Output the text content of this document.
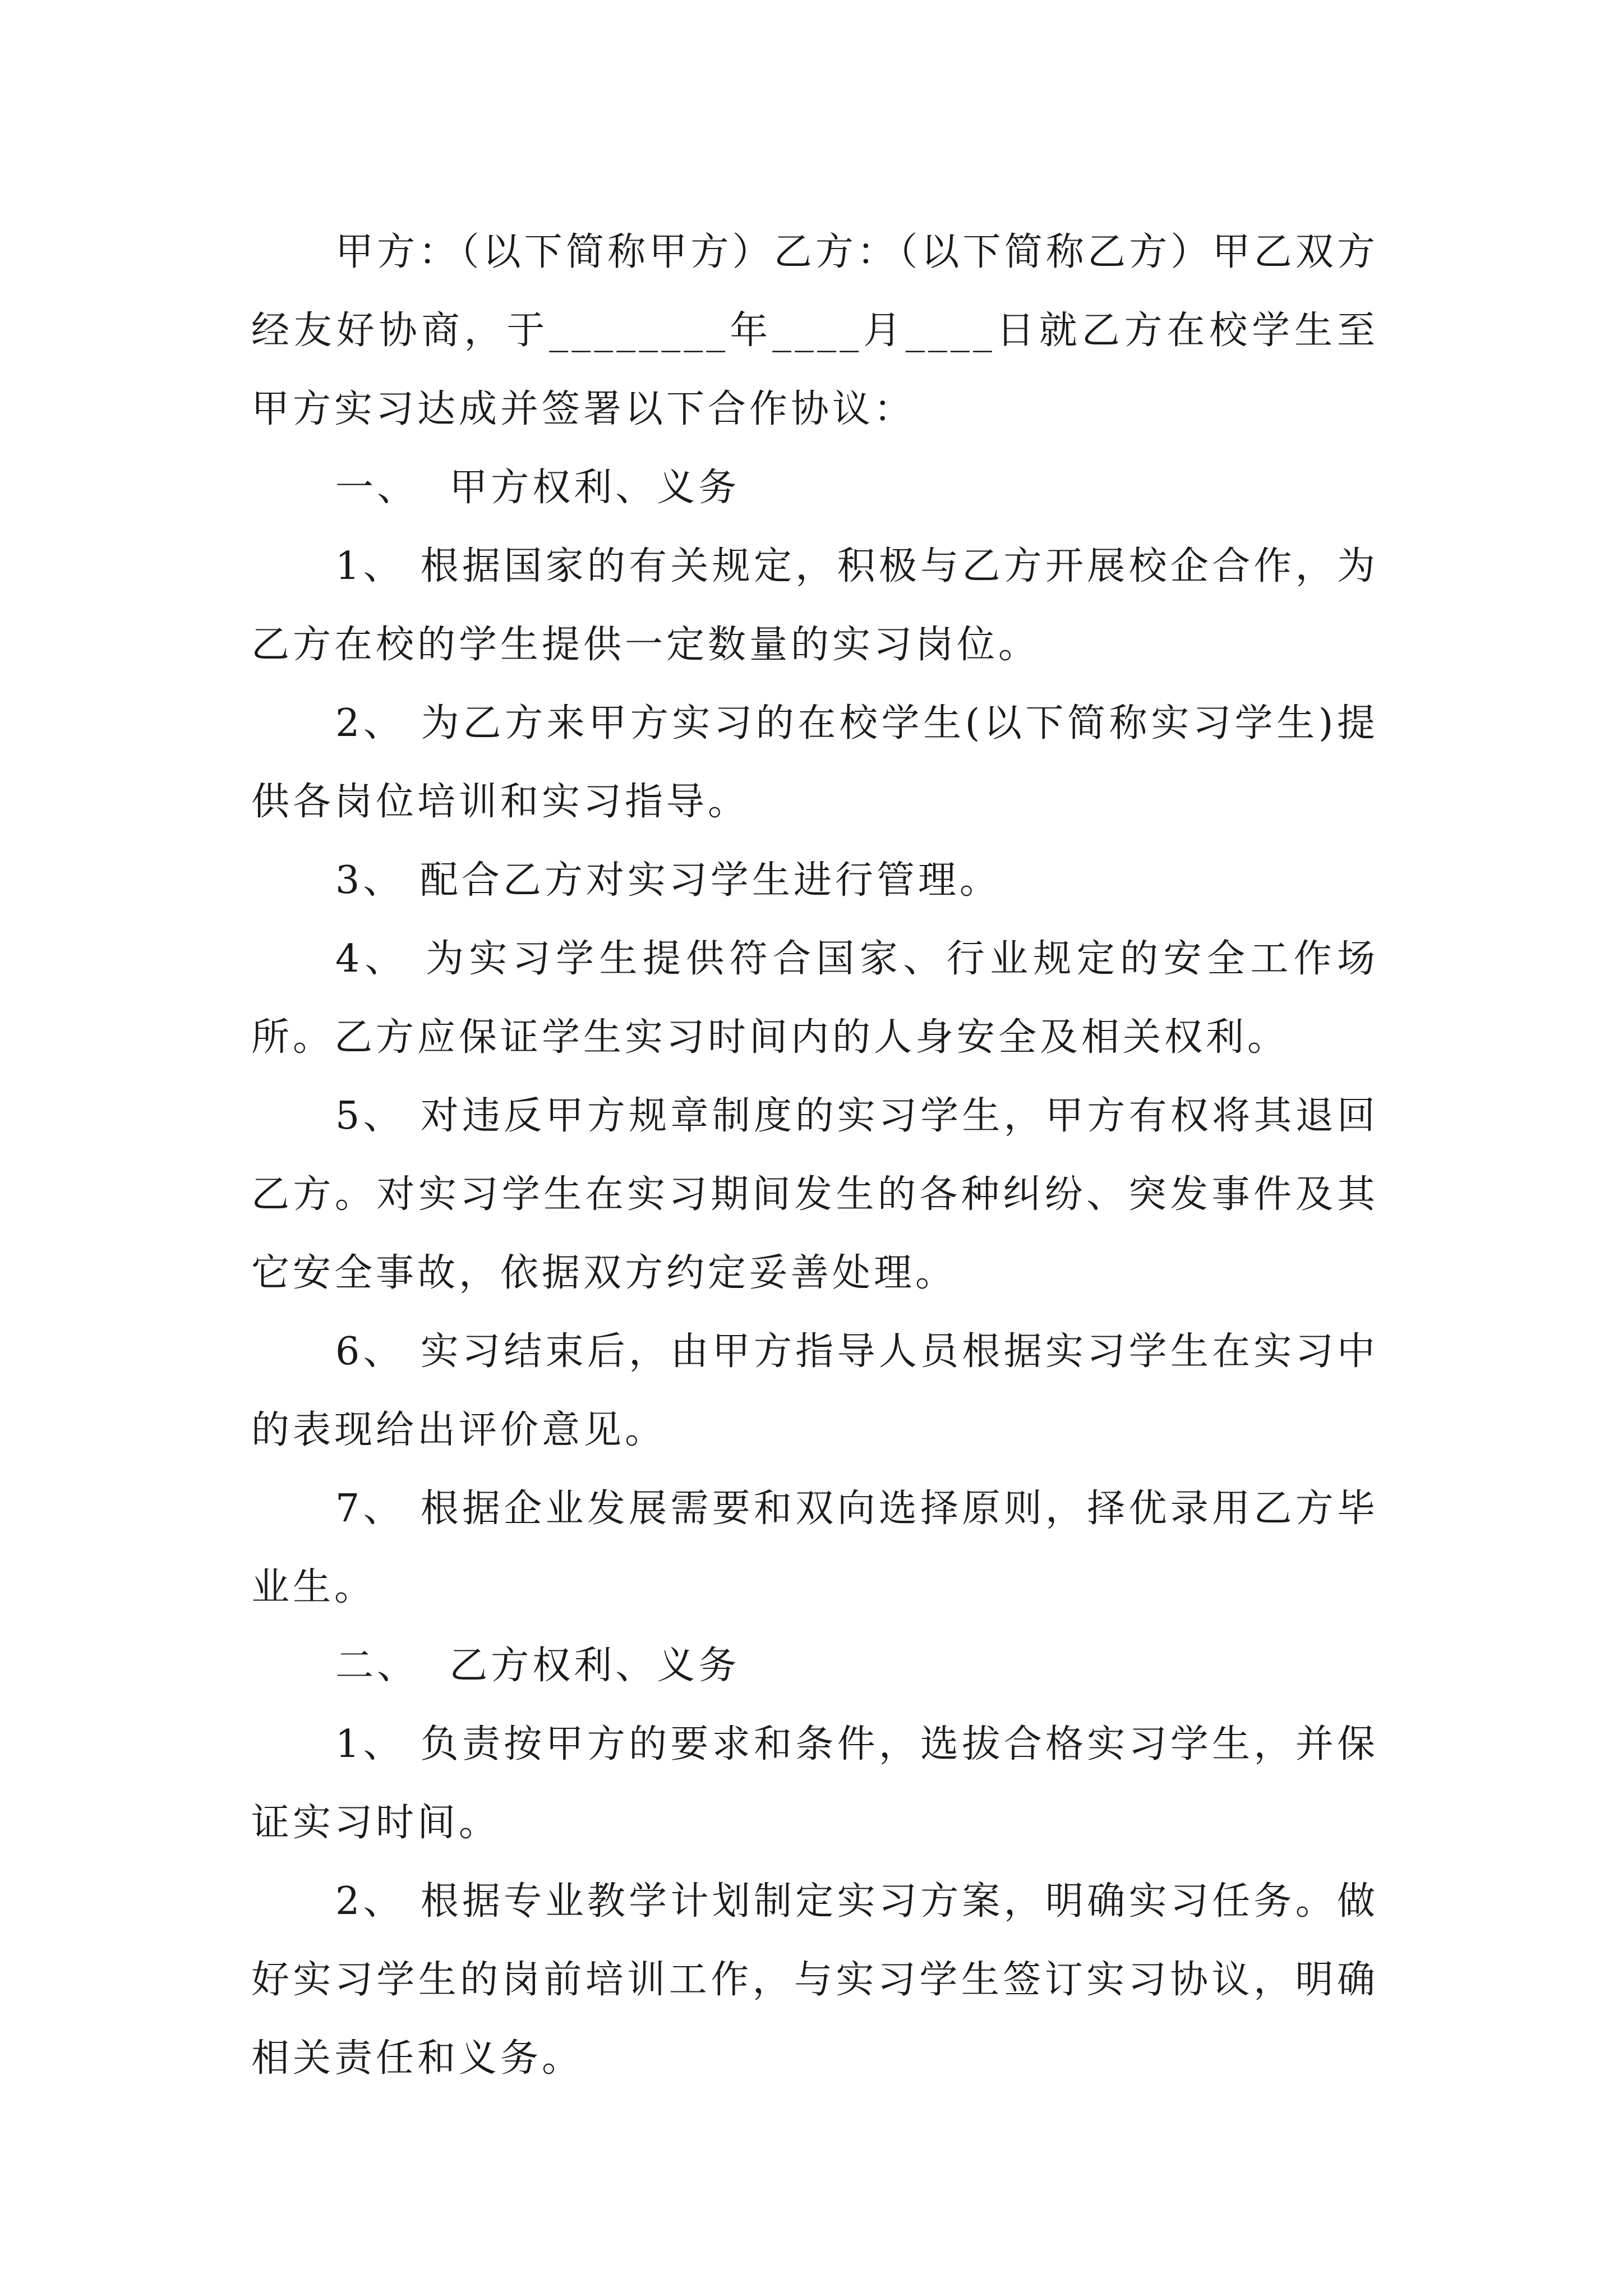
甲方：（以下简称甲方）乙方：（以下简称乙方）甲乙双方经友好协商，于________年____月____日就乙方在校学生至甲方实习达成并签署以下合作协议：

一、  甲方权利、义务

1、 根据国家的有关规定，积极与乙方开展校企合作，为乙方在校的学生提供一定数量的实习岗位。

2、 为乙方来甲方实习的在校学生(以下简称实习学生)提供各岗位培训和实习指导。

3、 配合乙方对实习学生进行管理。

4、 为实习学生提供符合国家、行业规定的安全工作场所。乙方应保证学生实习时间内的人身安全及相关权利。

5、 对违反甲方规章制度的实习学生，甲方有权将其退回乙方。对实习学生在实习期间发生的各种纠纷、突发事件及其它安全事故，依据双方约定妥善处理。

6、 实习结束后，由甲方指导人员根据实习学生在实习中的表现给出评价意见。

7、 根据企业发展需要和双向选择原则，择优录用乙方毕业生。

二、  乙方权利、义务

1、 负责按甲方的要求和条件，选拔合格实习学生，并保证实习时间。

2、 根据专业教学计划制定实习方案，明确实习任务。做好实习学生的岗前培训工作，与实习学生签订实习协议，明确相关责任和义务。
